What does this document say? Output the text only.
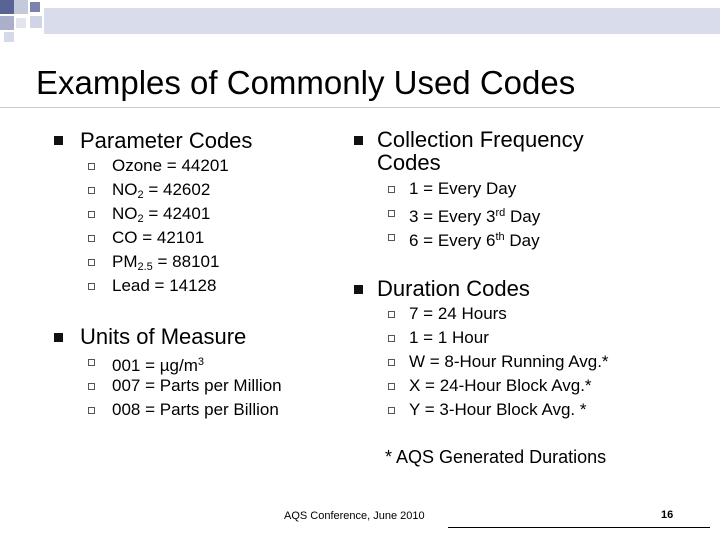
Examples of Commonly Used Codes
Parameter Codes
Ozone = 44201
$NO_2 = 42602$
$NO_2 = 42401$
CO = 42101
$PM_{2.5} = 88101$
Lead = 14128
Units of Measure
$001 = \mu g/m^3$
007 = Parts per Million
008 = Parts per Billion
Collection Frequency
Codes
1 = Every Day
3 = Every 3rd Day
6 = Every 6th Day
Duration Codes
7 = 24 Hours
1 = 1 Hour
W = 8-Hour Running Avg.*
X = 24-Hour Block Avg.*
Y = 3-Hour Block Avg. *
* AQS Generated Durations
AQS Conference, June 2010	16
